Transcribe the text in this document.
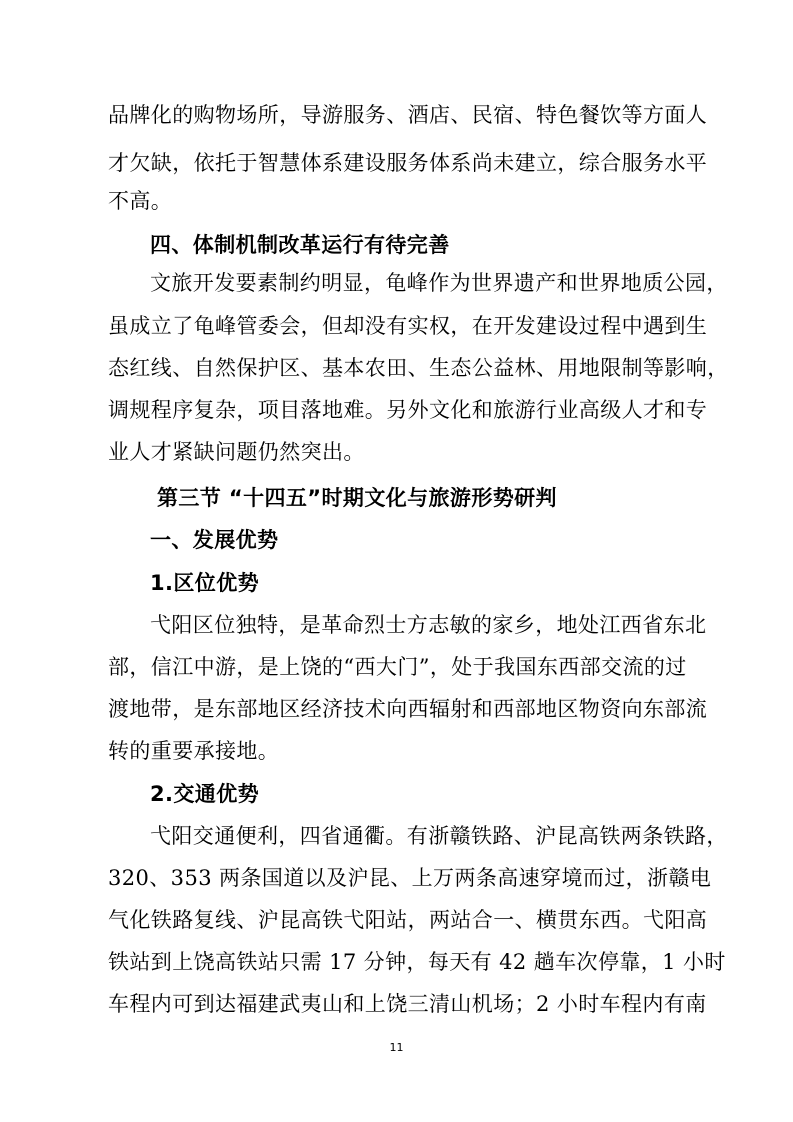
品牌化的购物场所，导游服务、酒店、民宿、特色餐饮等方面人
才欠缺，依托于智慧体系建设服务体系尚未建立，综合服务水平
不高。
四、体制机制改革运行有待完善
文旅开发要素制约明显，龟峰作为世界遗产和世界地质公园，
虽成立了龟峰管委会，但却没有实权，在开发建设过程中遇到生
态红线、自然保护区、基本农田、生态公益林、用地限制等影响，
调规程序复杂，项目落地难。另外文化和旅游行业高级人才和专
业人才紧缺问题仍然突出。
第三节 “十四五”时期文化与旅游形势研判
一、发展优势
1.区位优势
弋阳区位独特，是革命烈士方志敏的家乡，地处江西省东北
部，信江中游，是上饶的“西大门”，处于我国东西部交流的过
渡地带，是东部地区经济技术向西辐射和西部地区物资向东部流
转的重要承接地。
2.交通优势
弋阳交通便利，四省通衢。有浙赣铁路、沪昆高铁两条铁路，
320、353 两条国道以及沪昆、上万两条高速穿境而过，浙赣电
气化铁路复线、沪昆高铁弋阳站，两站合一、横贯东西。弋阳高
铁站到上饶高铁站只需 17 分钟，每天有 42 趟车次停靠，1 小时
车程内可到达福建武夷山和上饶三清山机场；2 小时车程内有南
11
